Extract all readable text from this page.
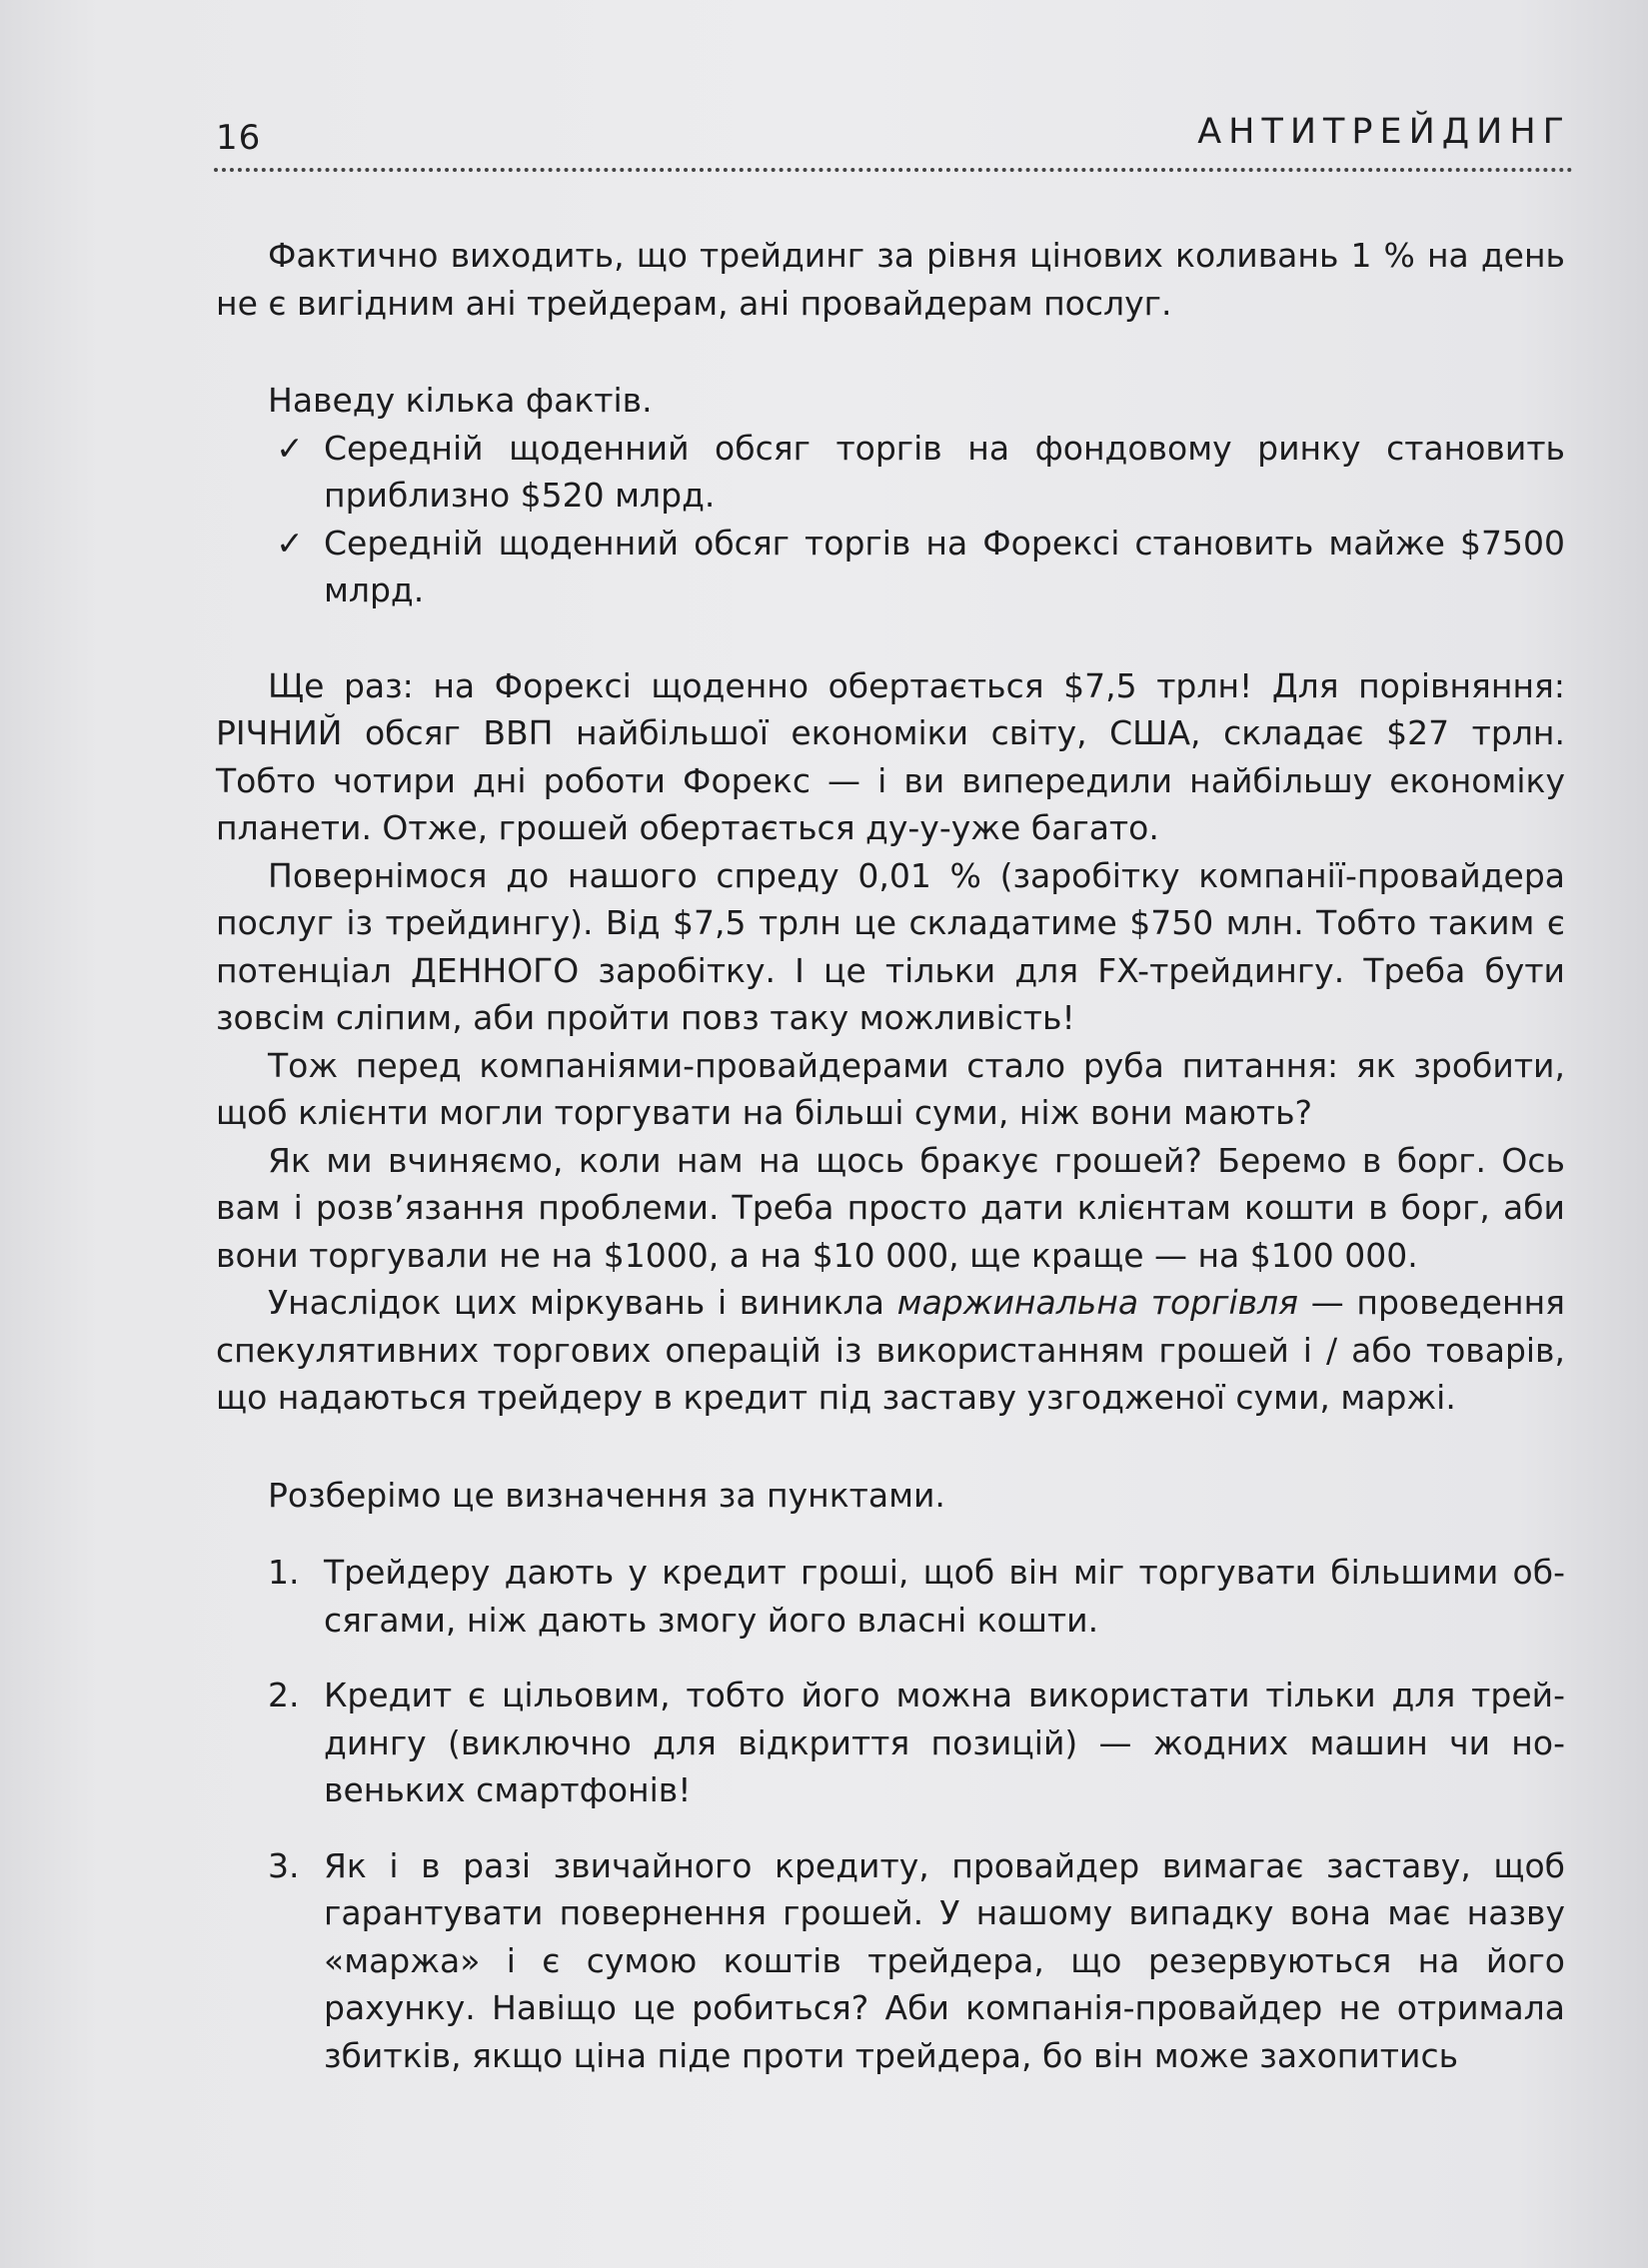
16	АНТИТРЕЙДИНГ

Фактично виходить, що трейдинг за рівня цінових коливань 1 % на день не є вигідним ані трейдерам, ані провайдерам послуг.

Наведу кілька фактів.

✓ Середній щоденний обсяг торгів на фондовому ринку становить приблизно $520 млрд.
✓ Середній щоденний обсяг торгів на Форексі становить майже $7500 млрд.

Ще раз: на Форексі щоденно обертається $7,5 трлн! Для порівняння: РІЧНИЙ обсяг ВВП найбільшої економіки світу, США, складає $27 трлн. Тобто чотири дні роботи Форекс — і ви випередили найбільшу економіку планети. Отже, грошей обертається ду-у-уже багато.

Повернімося до нашого спреду 0,01 % (заробітку компанії-провайдера послуг із трейдингу). Від $7,5 трлн це складатиме $750 млн. Тобто таким є потенціал ДЕННОГО заробітку. І це тільки для FX-трейдингу. Треба бути зовсім сліпим, аби пройти повз таку можливість!

Тож перед компаніями-провайдерами стало руба питання: як зробити, щоб клієнти могли торгувати на більші суми, ніж вони мають?

Як ми вчиняємо, коли нам на щось бракує грошей? Беремо в борг. Ось вам і розв’язання проблеми. Треба просто дати клієнтам кошти в борг, аби вони торгували не на $1000, а на $10 000, ще краще — на $100 000.

Унаслідок цих міркувань і виникла маржинальна торгівля — проведення спекулятивних торгових операцій із використанням грошей і / або товарів, що надаються трейдеру в кредит під заставу узгодженої суми, маржі.

Розберімо це визначення за пунктами.

1. Трейдеру дають у кредит гроші, щоб він міг торгувати більшими обсягами, ніж дають змогу його власні кошти.
2. Кредит є цільовим, тобто його можна використати тільки для трейдингу (виключно для відкриття позицій) — жодних машин чи новеньких смартфонів!
3. Як і в разі звичайного кредиту, провайдер вимагає заставу, щоб гарантувати повернення грошей. У нашому випадку вона має назву «маржа» і є сумою коштів трейдера, що резервуються на його рахунку. Навіщо це робиться? Аби компанія-провайдер не отримала збитків, якщо ціна піде проти трейдера, бо він може захопитись
